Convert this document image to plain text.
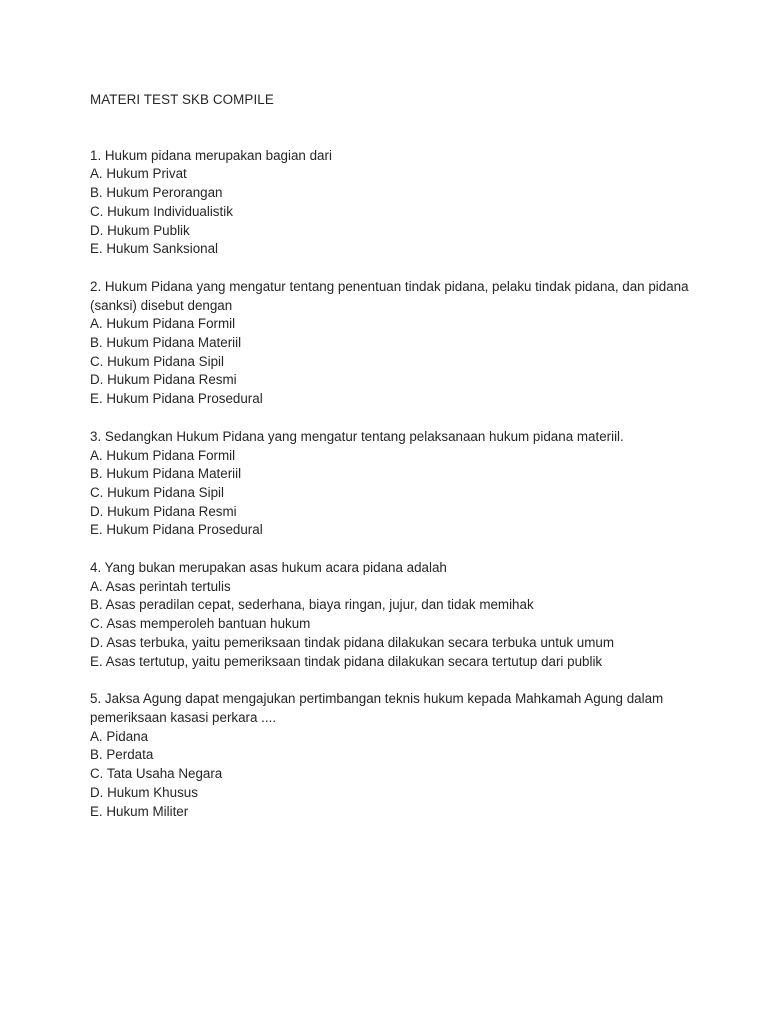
MATERI TEST SKB COMPILE
1. Hukum pidana merupakan bagian dari
A. Hukum Privat
B. Hukum Perorangan
C. Hukum Individualistik
D. Hukum Publik
E. Hukum Sanksional
2. Hukum Pidana yang mengatur tentang penentuan tindak pidana, pelaku tindak pidana, dan pidana (sanksi) disebut dengan
A. Hukum Pidana Formil
B. Hukum Pidana Materiil
C. Hukum Pidana Sipil
D. Hukum Pidana Resmi
E. Hukum Pidana Prosedural
3. Sedangkan Hukum Pidana yang mengatur tentang pelaksanaan hukum pidana materiil.
A. Hukum Pidana Formil
B. Hukum Pidana Materiil
C. Hukum Pidana Sipil
D. Hukum Pidana Resmi
E. Hukum Pidana Prosedural
4. Yang bukan merupakan asas hukum acara pidana adalah
A. Asas perintah tertulis
B. Asas peradilan cepat, sederhana, biaya ringan, jujur, dan tidak memihak
C. Asas memperoleh bantuan hukum
D. Asas terbuka, yaitu pemeriksaan tindak pidana dilakukan secara terbuka untuk umum
E. Asas tertutup, yaitu pemeriksaan tindak pidana dilakukan secara tertutup dari publik
5. Jaksa Agung dapat mengajukan pertimbangan teknis hukum kepada Mahkamah Agung dalam pemeriksaan kasasi perkara ....
A. Pidana
B. Perdata
C. Tata Usaha Negara
D. Hukum Khusus
E. Hukum Militer
